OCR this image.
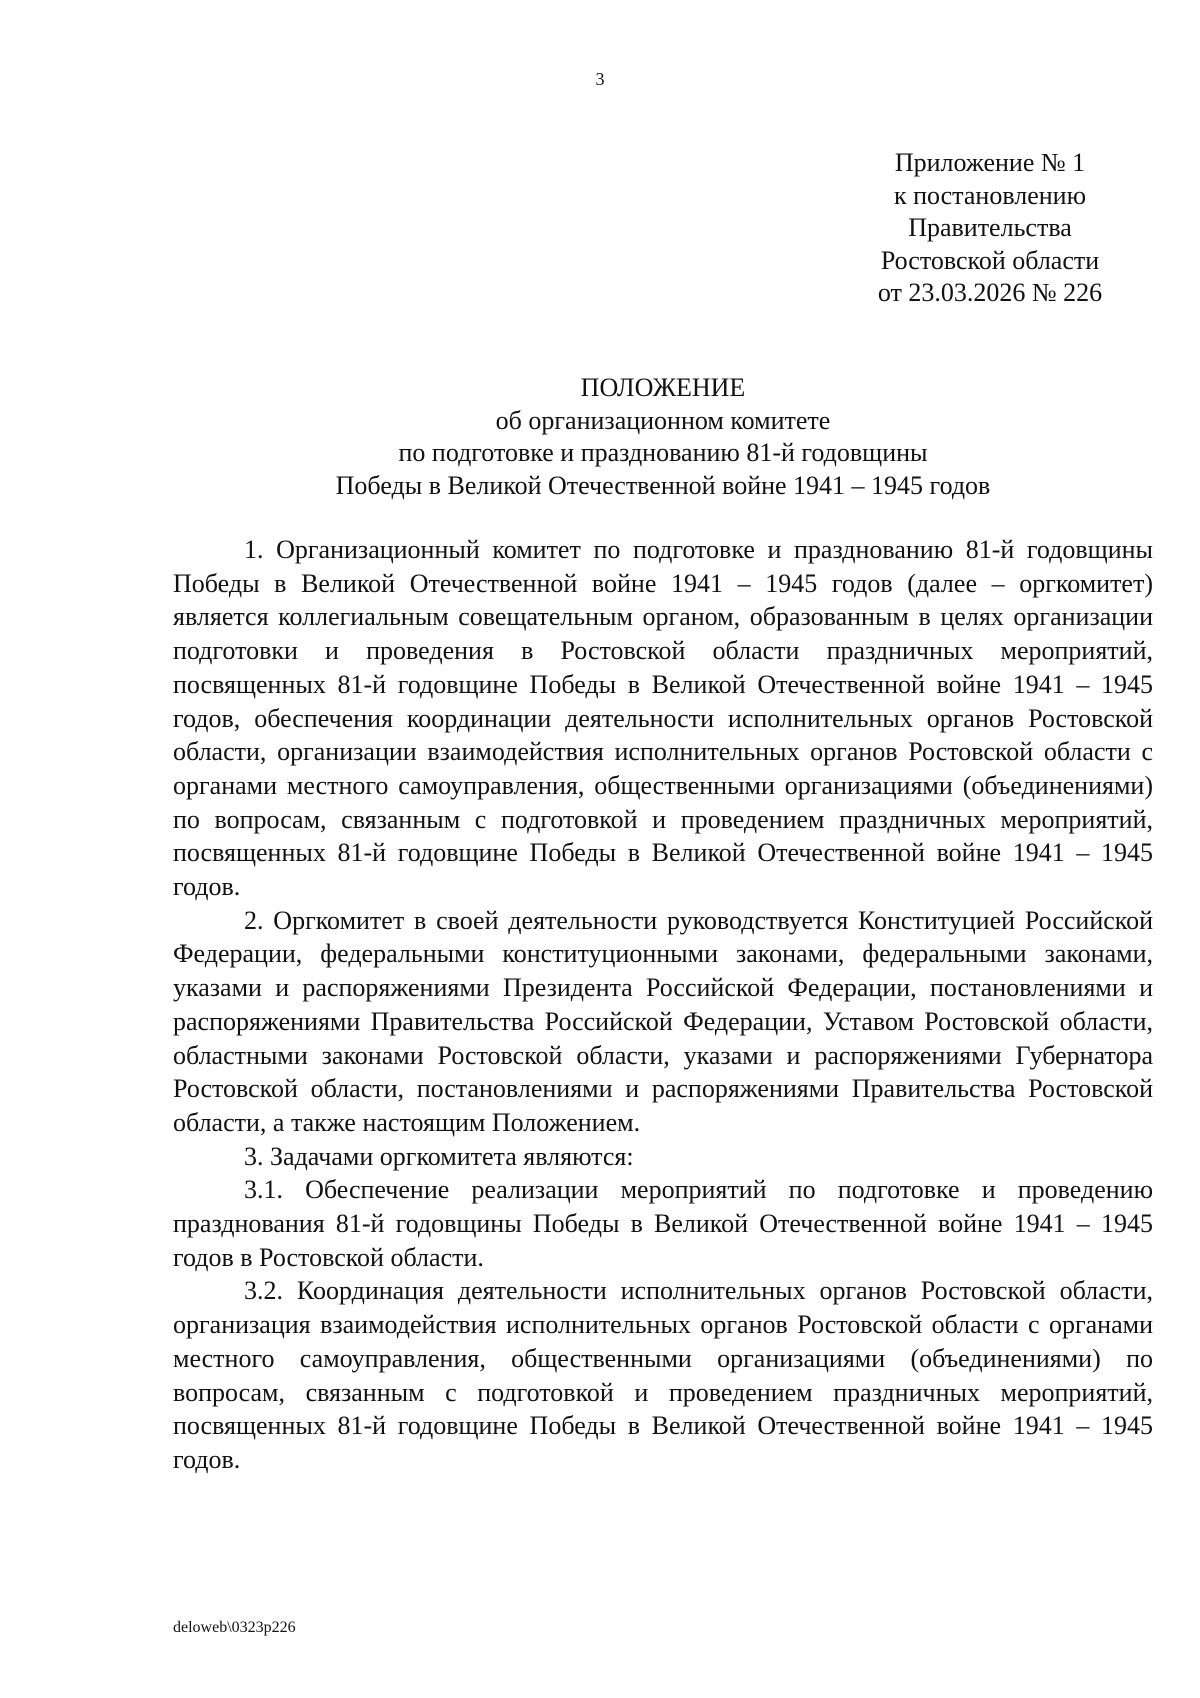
3
Приложение № 1
к постановлению
Правительства
Ростовской области
от 23.03.2026 № 226
ПОЛОЖЕНИЕ
об организационном комитете
по подготовке и празднованию 81-й годовщины
Победы в Великой Отечественной войне 1941 – 1945 годов

1. Организационный комитет по подготовке и празднованию 81-й годовщины Победы в Великой Отечественной войне 1941 – 1945 годов (далее – оргкомитет) является коллегиальным совещательным органом, образованным в целях организации подготовки и проведения в Ростовской области праздничных мероприятий, посвященных 81-й годовщине Победы в Великой Отечественной войне 1941 – 1945 годов, обеспечения координации деятельности исполнительных органов Ростовской области, организации взаимодействия исполнительных органов Ростовской области с органами местного самоуправления, общественными организациями (объединениями) по вопросам, связанным с подготовкой и проведением праздничных мероприятий, посвященных 81-й годовщине Победы в Великой Отечественной войне 1941 – 1945 годов.

2. Оргкомитет в своей деятельности руководствуется Конституцией Российской Федерации, федеральными конституционными законами, федеральными законами, указами и распоряжениями Президента Российской Федерации, постановлениями и распоряжениями Правительства Российской Федерации, Уставом Ростовской области, областными законами Ростовской области, указами и распоряжениями Губернатора Ростовской области, постановлениями и распоряжениями Правительства Ростовской области, а также настоящим Положением.

3. Задачами оргкомитета являются:

3.1. Обеспечение реализации мероприятий по подготовке и проведению празднования 81-й годовщины Победы в Великой Отечественной войне 1941 – 1945 годов в Ростовской области.

3.2. Координация деятельности исполнительных органов Ростовской области, организация взаимодействия исполнительных органов Ростовской области с органами местного самоуправления, общественными организациями (объединениями) по вопросам, связанным с подготовкой и проведением праздничных мероприятий, посвященных 81-й годовщине Победы в Великой Отечественной войне 1941 – 1945 годов.

deloweb\0323p226
